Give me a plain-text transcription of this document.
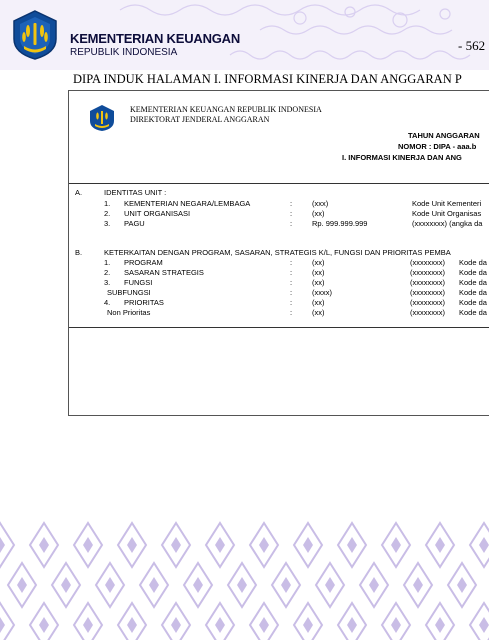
KEMENTERIAN KEUANGAN
REPUBLIK INDONESIA	- 562
DIPA INDUK HALAMAN I. INFORMASI KINERJA DAN ANGGARAN P
KEMENTERIAN KEUANGAN REPUBLIK INDONESIA
DIREKTORAT JENDERAL ANGGARAN
TAHUN ANGGARAN
NOMOR : DIPA - aaa.b
I. INFORMASI KINERJA DAN ANG
A.	IDENTITAS UNIT :
1. KEMENTERIAN NEGARA/LEMBAGA	:	(xxx)	Kode Unit Kementeri
2. UNIT ORGANISASI	:	(xx)	Kode Unit Organisas
3. PAGU	:	Rp. 999.999.999	(xxxxxxxx) (angka da
B.	KETERKAITAN DENGAN PROGRAM, SASARAN, STRATEGIS K/L, FUNGSI DAN PRIORITAS PEMBA
1. PROGRAM	:	(xx)	(xxxxxxxx) Kode da
2. SASARAN STRATEGIS	:	(xx)	(xxxxxxxx) Kode da
3. FUNGSI	:	(xx)	(xxxxxxxx) Kode da
SUBFUNGSI	:	(xxxx)	(xxxxxxxx) Kode da
4. PRIORITAS	:	(xx)	(xxxxxxxx) Kode da
Non Prioritas	:	(xx)	(xxxxxxxx) Kode da
